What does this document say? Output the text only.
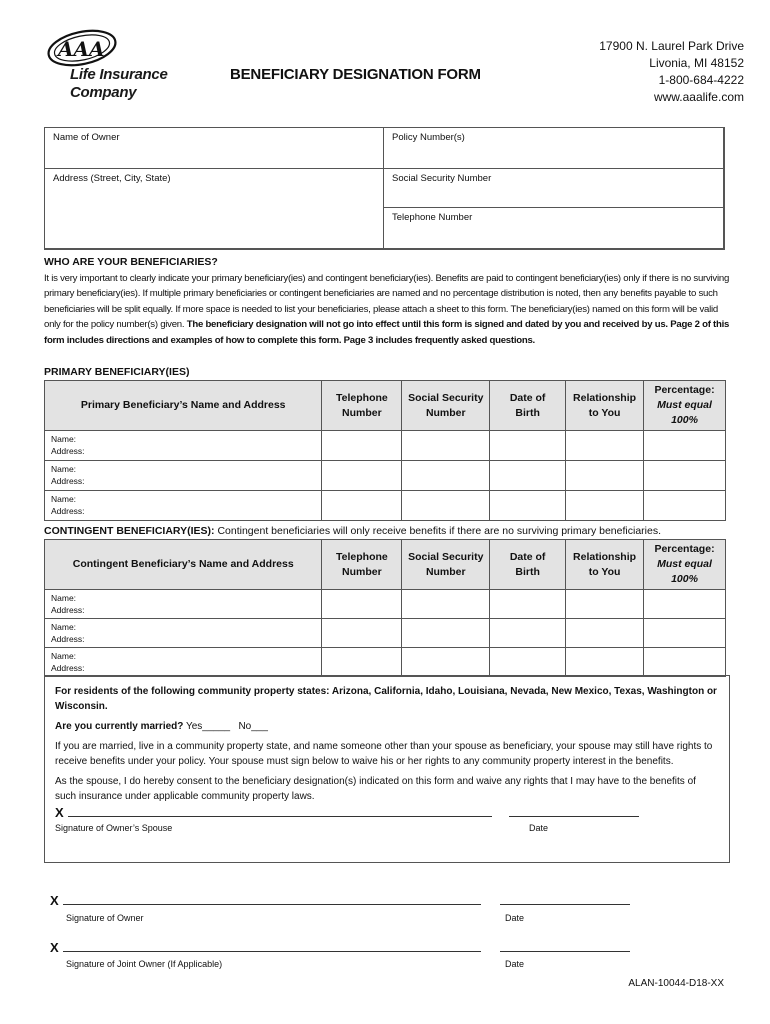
AAA
Life Insurance
Company
BENEFICIARY DESIGNATION FORM
17900 N. Laurel Park Drive
Livonia, MI 48152
1-800-684-4222
www.aaalife.com
Name of Owner	Policy Number(s)
Address (Street, City, State)	Social Security Number
Telephone Number
WHO ARE YOUR BENEFICIARIES?
It is very important to clearly indicate your primary beneficiary(ies) and contingent beneficiary(ies). Benefits are paid to contingent beneficiary(ies) only if there is no surviving primary beneficiary(ies). If multiple primary beneficiaries or contingent beneficiaries are named and no percentage distribution is noted, then any benefits payable to such beneficiaries will be split equally. If more space is needed to list your beneficiaries, please attach a sheet to this form. The beneficiary(ies) named on this form will be valid only for the policy number(s) given. The beneficiary designation will not go into effect until this form is signed and dated by you and received by us. Page 2 of this form includes directions and examples of how to complete this form. Page 3 includes frequently asked questions.
PRIMARY BENEFICIARY(IES)
Primary Beneficiary’s Name and Address	Telephone
Number	Social Security
Number	Date of
Birth	Relationship
to You	Percentage:
Must equal
100%
Name:
Address:					
Name:
Address:					
Name:
Address:					
CONTINGENT BENEFICIARY(IES): Contingent beneficiaries will only receive benefits if there are no surviving primary beneficiaries.
Contingent Beneficiary’s Name and Address	Telephone
Number	Social Security
Number	Date of
Birth	Relationship
to You	Percentage:
Must equal
100%
Name:
Address:					
Name:
Address:					
Name:
Address:					

For residents of the following community property states: Arizona, California, Idaho, Louisiana, Nevada, New Mexico, Texas, Washington or Wisconsin.

Are you currently married? Yes_____ No___

If you are married, live in a community property state, and name someone other than your spouse as beneficiary, your spouse may still have rights to receive benefits under your policy. Your spouse must sign below to waive his or her rights to any community property interest in the benefits.

As the spouse, I do hereby consent to the beneficiary designation(s) indicated on this form and waive any rights that I may have to the benefits of such insurance under applicable community property laws.

X
Signature of Owner’s Spouse	Date
X
Signature of Owner	Date
X
Signature of Joint Owner (If Applicable)	Date
ALAN-10044-D18-XX
